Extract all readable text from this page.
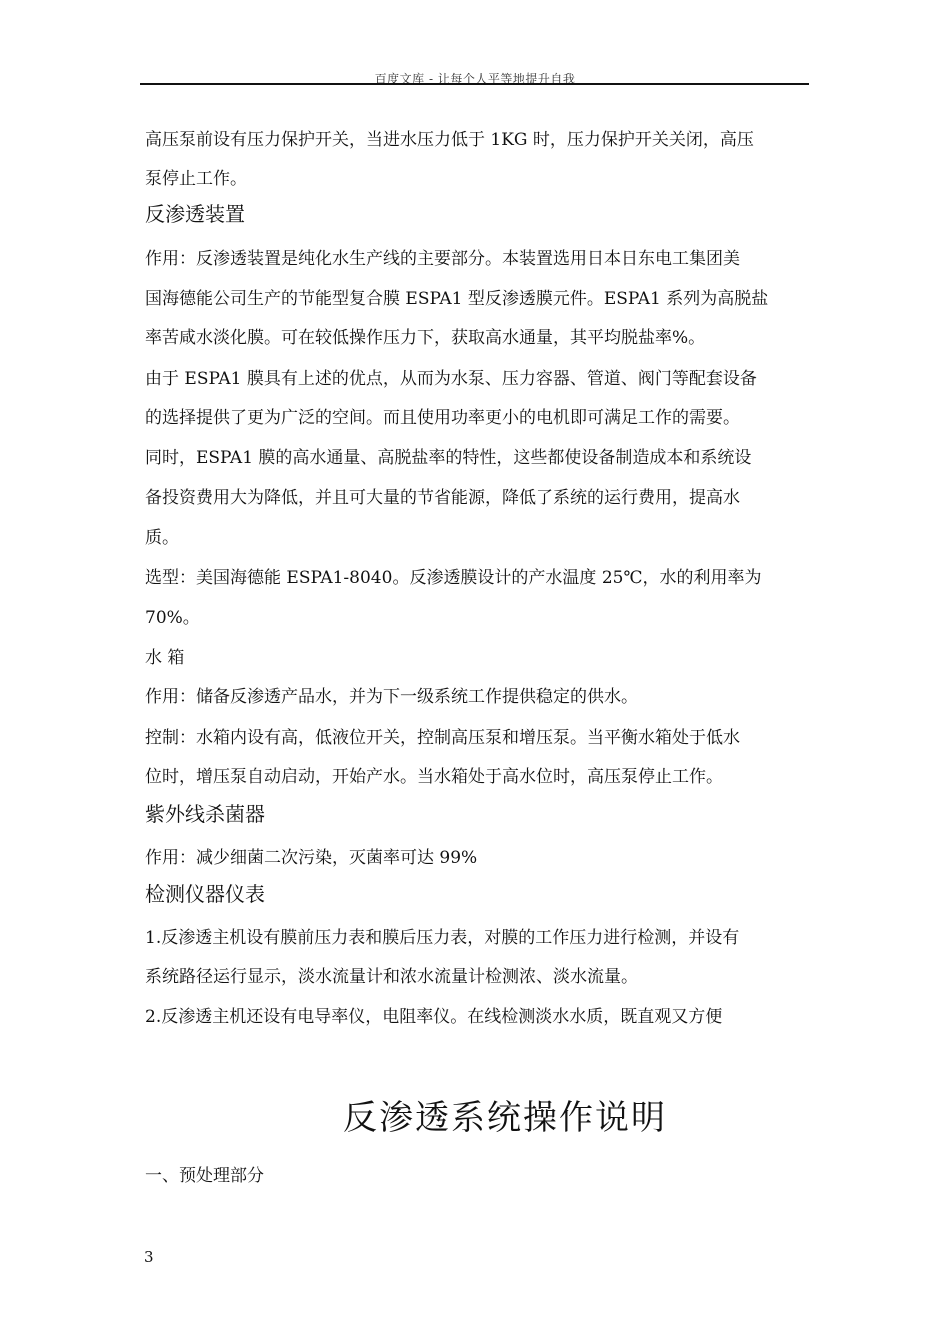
百度文库 - 让每个人平等地提升自我
高压泵前设有压力保护开关，当进水压力低于 1KG 时，压力保护开关关闭，高压
泵停止工作。
反渗透装置
作用：反渗透装置是纯化水生产线的主要部分。本装置选用日本日东电工集团美
国海德能公司生产的节能型复合膜 ESPA1 型反渗透膜元件。ESPA1 系列为高脱盐
率苦咸水淡化膜。可在较低操作压力下，获取高水通量，其平均脱盐率%。
由于 ESPA1 膜具有上述的优点，从而为水泵、压力容器、管道、阀门等配套设备
的选择提供了更为广泛的空间。而且使用功率更小的电机即可满足工作的需要。
同时，ESPA1 膜的高水通量、高脱盐率的特性，这些都使设备制造成本和系统设
备投资费用大为降低，并且可大量的节省能源，降低了系统的运行费用，提高水
质。
选型：美国海德能 ESPA1-8040。反渗透膜设计的产水温度 25℃，水的利用率为
70%。
水 箱
作用：储备反渗透产品水，并为下一级系统工作提供稳定的供水。
控制：水箱内设有高，低液位开关，控制高压泵和增压泵。当平衡水箱处于低水
位时，增压泵自动启动，开始产水。当水箱处于高水位时，高压泵停止工作。
紫外线杀菌器
作用：减少细菌二次污染，灭菌率可达 99%
检测仪器仪表
1.反渗透主机设有膜前压力表和膜后压力表，对膜的工作压力进行检测，并设有
系统路径运行显示，淡水流量计和浓水流量计检测浓、淡水流量。
2.反渗透主机还设有电导率仪，电阻率仪。在线检测淡水水质，既直观又方便
反渗透系统操作说明
一、预处理部分
3
